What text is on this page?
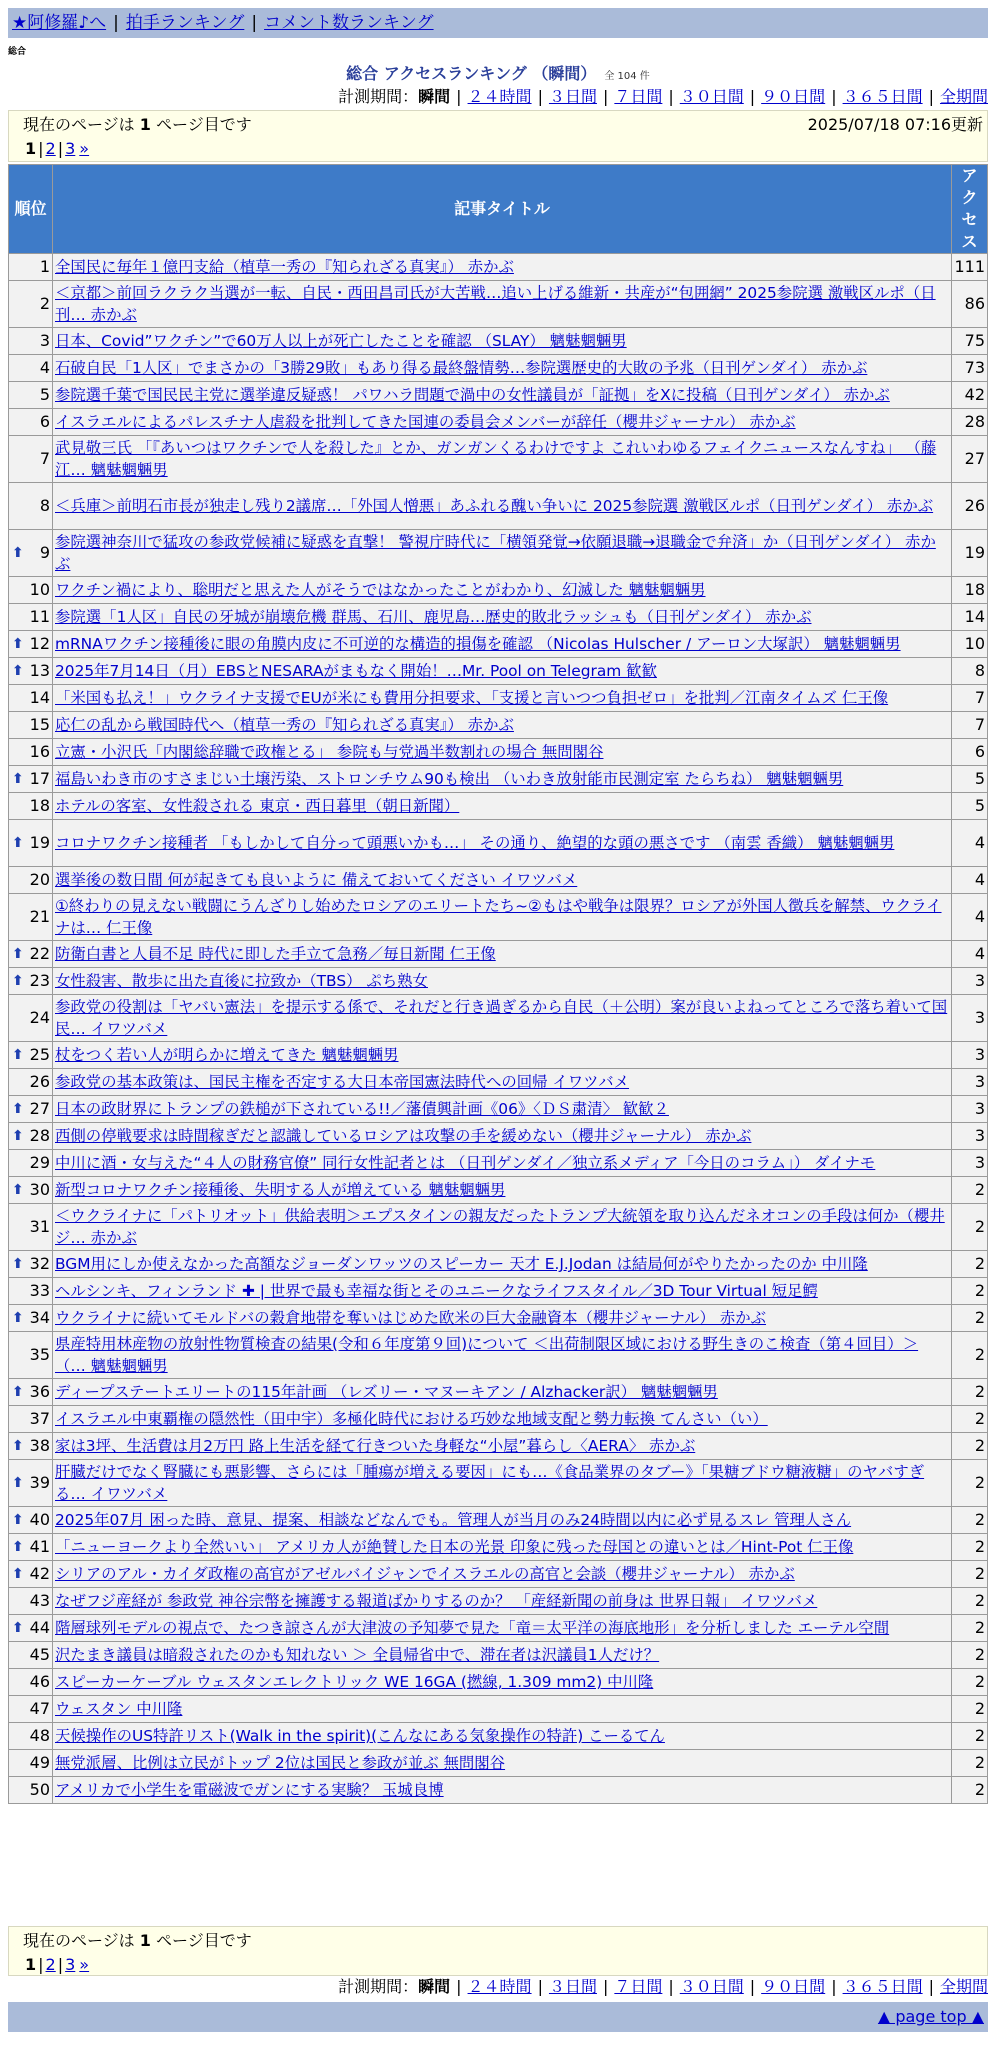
★阿修羅♪へ | 拍手ランキング | コメント数ランキング
総合
総合 アクセスランキング （瞬間） 全 104 件
計測期間：瞬間 | ２４時間 | ３日間 | ７日間 | ３０日間 | ９０日間 | ３６５日間 | 全期間
現在のページは 1 ページ目です	2025/07/18 07:16更新
1 | 2 | 3 »
順位	記事タイトル	アクセス
1	全国民に毎年１億円支給（植草一秀の『知られざる真実』） 赤かぶ	111
2	＜京都＞前回ラクラク当選が一転、自民・西田昌司氏が大苦戦…追い上げる維新・共産が“包囲網” 2025参院選 激戦区ルポ（日刊… 赤かぶ	86
3	日本、Covid”ワクチン”で60万人以上が死亡したことを確認 （SLAY） 魑魅魍魎男	75
4	石破自民「1人区」でまさかの「3勝29敗」もあり得る最終盤情勢…参院選歴史的大敗の予兆（日刊ゲンダイ） 赤かぶ	73
5	参院選千葉で国民民主党に選挙違反疑惑！ パワハラ問題で渦中の女性議員が「証拠」をXに投稿（日刊ゲンダイ） 赤かぶ	42
6	イスラエルによるパレスチナ人虐殺を批判してきた国連の委員会メンバーが辞任（櫻井ジャーナル） 赤かぶ	28
7	武見敬三氏 「『あいつはワクチンで人を殺した』とか、ガンガンくるわけですよ これいわゆるフェイクニュースなんすね」 （藤江… 魑魅魍魎男	27
8	＜兵庫＞前明石市長が独走し残り2議席…「外国人憎悪」あふれる醜い争いに 2025参院選 激戦区ルポ（日刊ゲンダイ） 赤かぶ	26

⬆ 9	参院選神奈川で猛攻の参政党候補に疑惑を直撃！ 警視庁時代に「横領発覚→依願退職→退職金で弁済」か（日刊ゲンダイ） 赤かぶ	19
10	ワクチン禍により、聡明だと思えた人がそうではなかったことがわかり、幻滅した 魑魅魍魎男	18
11	参院選「1人区」自民の牙城が崩壊危機 群馬、石川、鹿児島…歴史的敗北ラッシュも（日刊ゲンダイ） 赤かぶ	14

⬆ 12	mRNAワクチン接種後に眼の角膜内皮に不可逆的な構造的損傷を確認 （Nicolas Hulscher / アーロン大塚訳） 魑魅魍魎男	10

⬆ 13	2025年7月14日（月）EBSとNESARAがまもなく開始！…Mr. Pool on Telegram 歓歓	8
14	「米国も払え！」ウクライナ支援でEUが米にも費用分担要求、「支援と言いつつ負担ゼロ」を批判／江南タイムズ 仁王像	7
15	応仁の乱から戦国時代へ（植草一秀の『知られざる真実』） 赤かぶ	7
16	立憲・小沢氏「内閣総辞職で政権とる」 参院も与党過半数割れの場合 無問閣谷	6

⬆ 17	福島いわき市のすさまじい土壌汚染、ストロンチウム90も検出 （いわき放射能市民測定室 たらちね） 魑魅魍魎男	5
18	ホテルの客室、女性殺される 東京・西日暮里（朝日新聞）	5

⬆ 19	コロナワクチン接種者 「もしかして自分って頭悪いかも…」 その通り、絶望的な頭の悪さです （南雲 香織） 魑魅魍魎男	4
20	選挙後の数日間 何が起きても良いように 備えておいてください イワツバメ	4
21	①終わりの見えない戦闘にうんざりし始めたロシアのエリートたち~②もはや戦争は限界？ロシアが外国人徴兵を解禁、ウクライナは… 仁王像	4

⬆ 22	防衛白書と人員不足 時代に即した手立て急務／毎日新聞 仁王像	4

⬆ 23	女性殺害、散歩に出た直後に拉致か（TBS） ぷち熟女	3
24	参政党の役割は「ヤバい憲法」を提示する係で、それだと行き過ぎるから自民（＋公明）案が良いよねってところで落ち着いて国民… イワツバメ	3

⬆ 25	杖をつく若い人が明らかに増えてきた 魑魅魍魎男	3
26	参政党の基本政策は、国民主権を否定する大日本帝国憲法時代への回帰 イワツバメ	3

⬆ 27	日本の政財界にトランプの鉄槌が下されている!!／藩債興計画《06》〈ＤＳ粛清〉 歓歓２	3

⬆ 28	西側の停戦要求は時間稼ぎだと認識しているロシアは攻撃の手を緩めない（櫻井ジャーナル） 赤かぶ	3
29	中川に酒・女与えた“４人の財務官僚” 同行女性記者とは （日刊ゲンダイ／独立系メディア「今日のコラム」） ダイナモ	3

⬆ 30	新型コロナワクチン接種後、失明する人が増えている 魑魅魍魎男	2
31	＜ウクライナに「パトリオット」供給表明＞エプスタインの親友だったトランプ大統領を取り込んだネオコンの手段は何か（櫻井ジ… 赤かぶ	2

⬆ 32	BGM用にしか使えなかった高額なジョーダンワッツのスピーカー 天才 E.J.Jodan は結局何がやりたかったのか 中川隆	2
33	ヘルシンキ、フィンランド ✚ | 世界で最も幸福な街とそのユニークなライフスタイル／3D Tour Virtual 短足鰐	2

⬆ 34	ウクライナに続いてモルドバの穀倉地帯を奪いはじめた欧米の巨大金融資本（櫻井ジャーナル） 赤かぶ	2
35	県産特用林産物の放射性物質検査の結果(令和６年度第９回)について ＜出荷制限区域における野生きのこ検査（第４回目）＞ （… 魑魅魍魎男	2

⬆ 36	ディープステートエリートの115年計画 （レズリー・マヌーキアン / Alzhacker訳） 魑魅魍魎男	2
37	イスラエル中東覇権の隠然性（田中宇）多極化時代における巧妙な地域支配と勢力転換 てんさい（い）	2

⬆ 38	家は3坪、生活費は月2万円 路上生活を経て行きついた身軽な“小屋”暮らし〈AERA〉 赤かぶ	2

⬆ 39	肝臓だけでなく腎臓にも悪影響、さらには「腫瘍が増える要因」にも…《食品業界のタブー》「果糖ブドウ糖液糖」のヤバすぎる… イワツバメ	2

⬆ 40	2025年07月 困った時、意見、提案、相談などなんでも。管理人が当月のみ24時間以内に必ず見るスレ 管理人さん	2

⬆ 41	「ニューヨークより全然いい」 アメリカ人が絶賛した日本の光景 印象に残った母国との違いとは／Hint-Pot 仁王像	2

⬆ 42	シリアのアル・カイダ政権の高官がアゼルバイジャンでイスラエルの高官と会談（櫻井ジャーナル） 赤かぶ	2
43	なぜフジ産経が 参政党 神谷宗幣を擁護する報道ばかりするのか？ 「産経新聞の前身は 世界日報」 イワツバメ	2

⬆ 44	階層球列モデルの視点で、たつき諒さんが大津波の予知夢で見た「竜＝太平洋の海底地形」を分析しました エーテル空間	2
45	沢たまき議員は暗殺されたのかも知れない ＞ 全員帰省中で、滞在者は沢議員1人だけ？	2
46	スピーカーケーブル ウェスタンエレクトリック WE 16GA (撚線, 1.309 mm2) 中川隆	2
47	ウェスタン 中川隆	2
48	天候操作のUS特許リスト(Walk in the spirit)(こんなにある気象操作の特許) こーるてん	2
49	無党派層、比例は立民がトップ 2位は国民と参政が並ぶ 無問閣谷	2
50	アメリカで小学生を電磁波でガンにする実験？ 玉城良博	2
現在のページは 1 ページ目です
1 | 2 | 3 »
計測期間：瞬間 | ２４時間 | ３日間 | ７日間 | ３０日間 | ９０日間 | ３６５日間 | 全期間
▲ page top ▲
